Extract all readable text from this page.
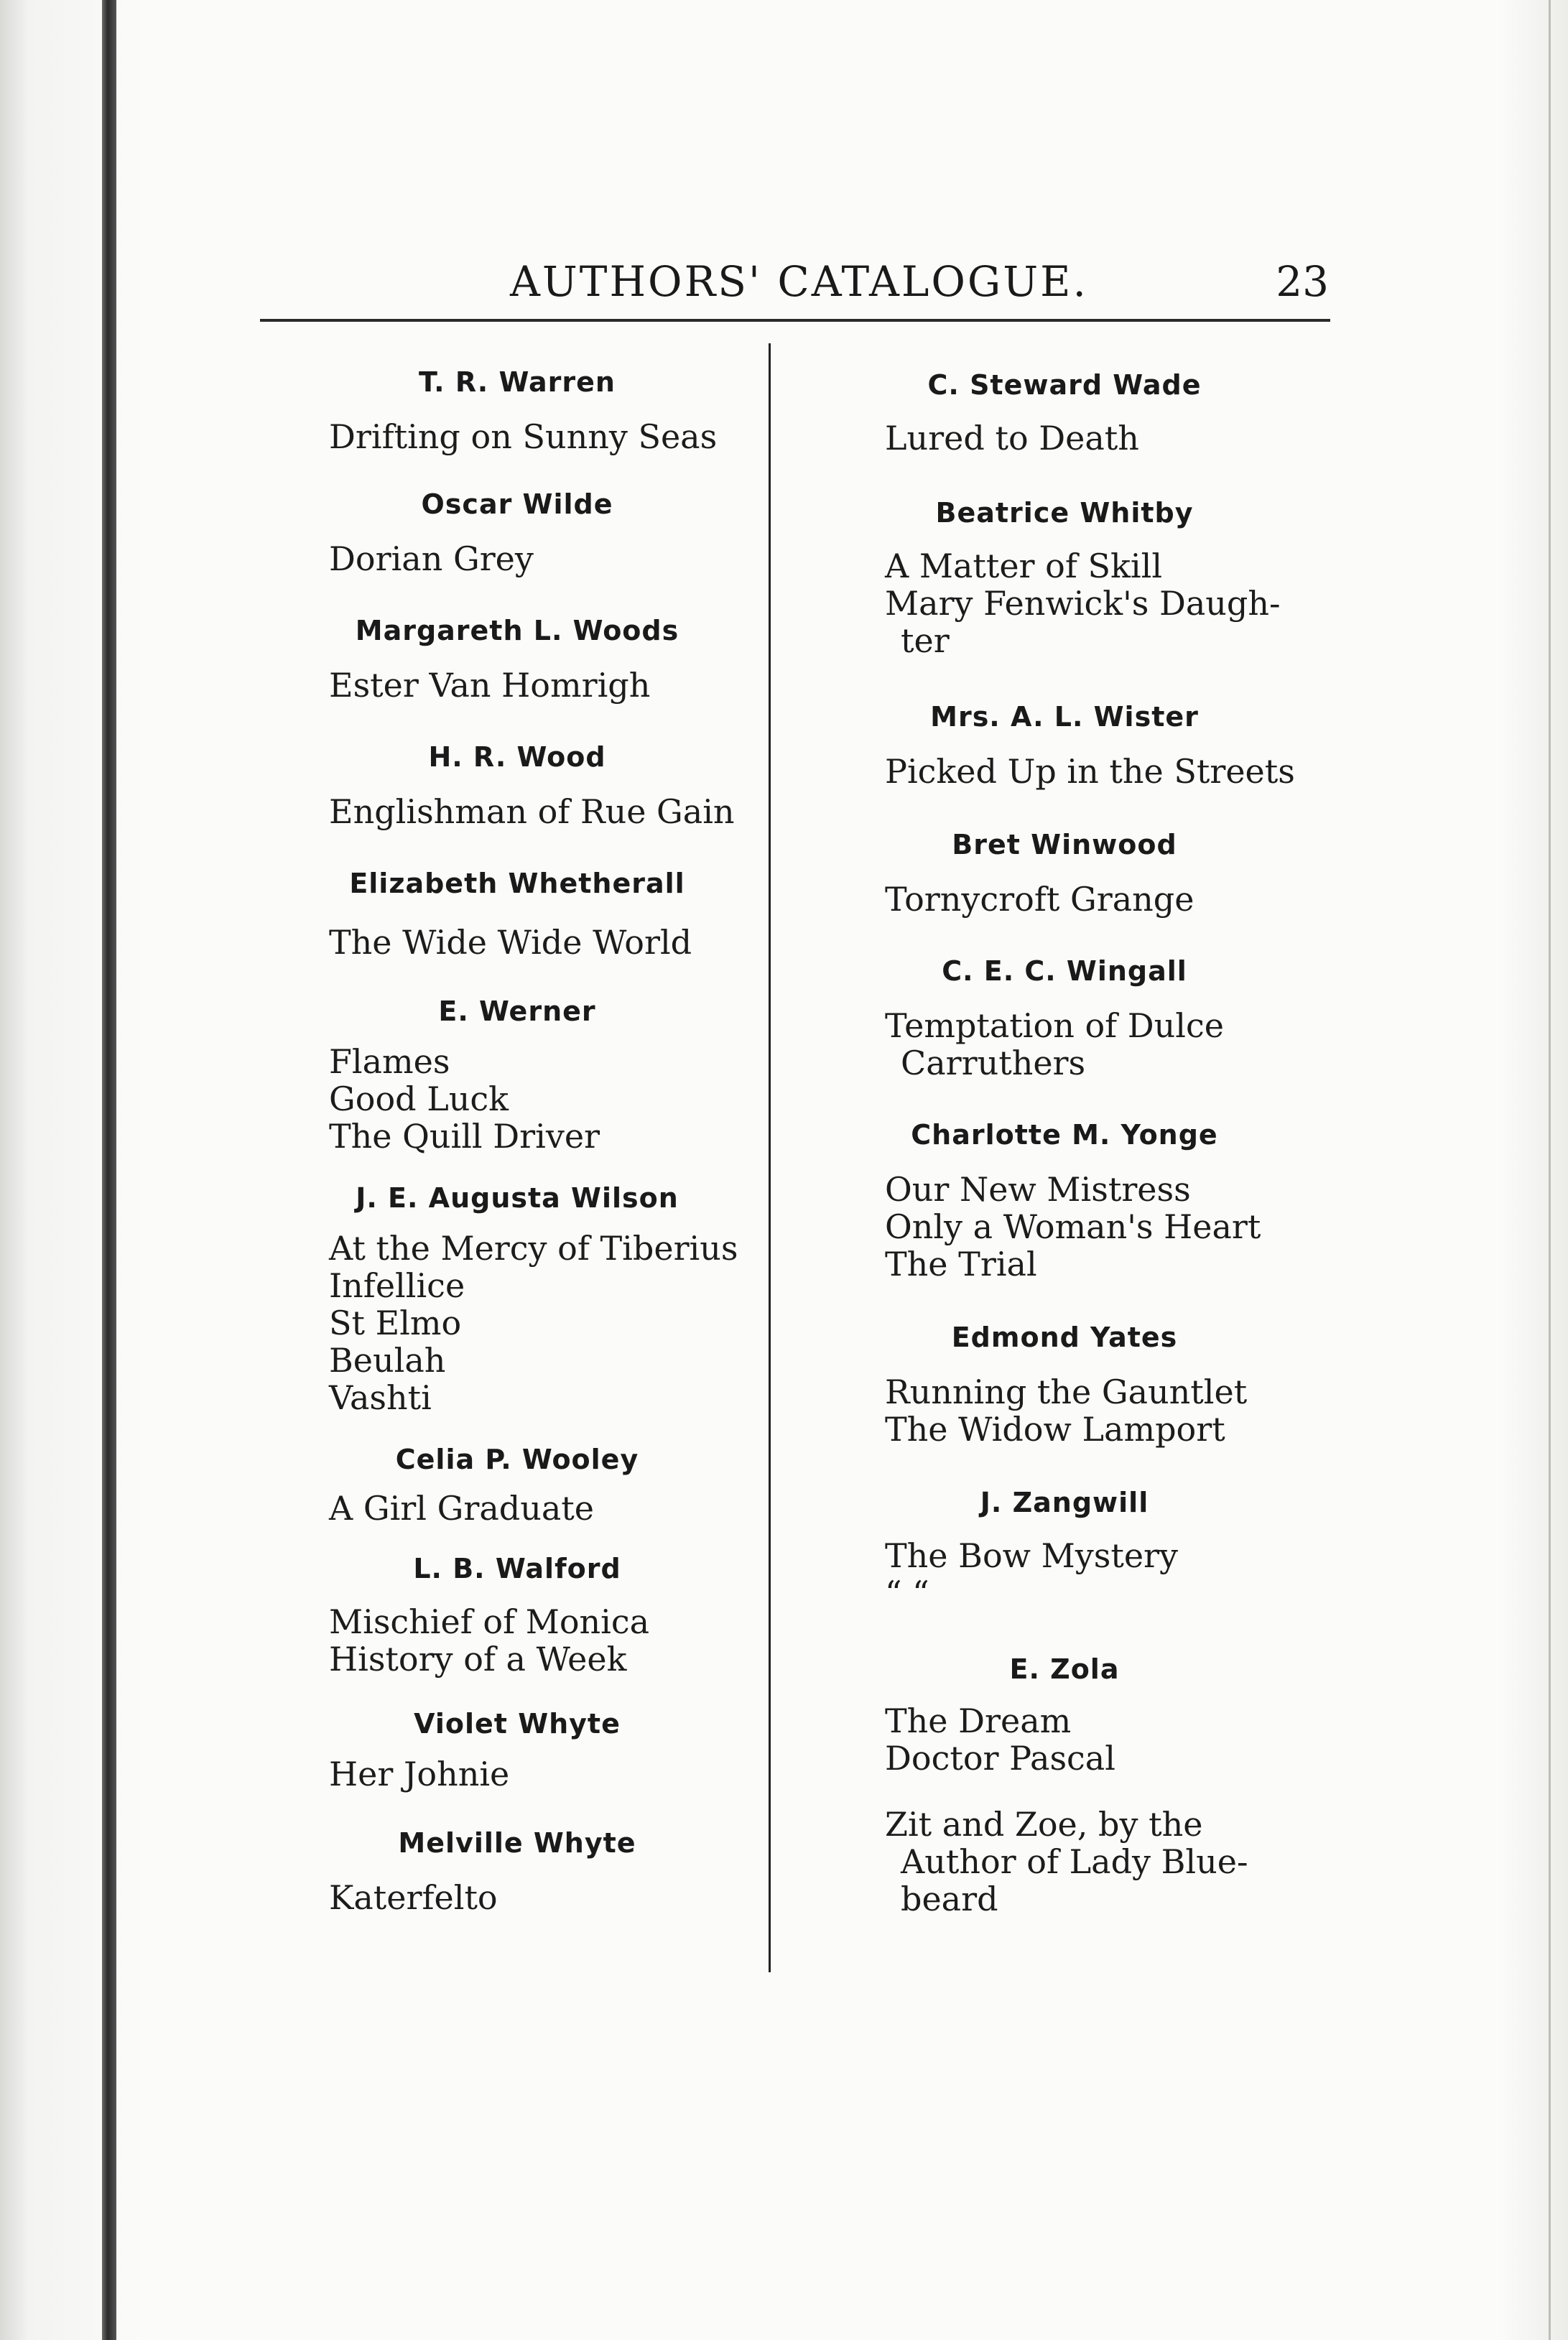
AUTHORS' CATALOGUE.	23
T. R. Warren
Drifting on Sunny Seas
Oscar Wilde
Dorian Grey
Margareth L. Woods
Ester Van Homrigh
H. R. Wood
Englishman of Rue Gain
Elizabeth Whetherall
The Wide Wide World
E. Werner
Flames
Good Luck
The Quill Driver
J. E. Augusta Wilson
At the Mercy of Tiberius
Infellice
St Elmo
Beulah
Vashti
Celia P. Wooley
A Girl Graduate
L. B. Walford
Mischief of Monica
History of a Week
Violet Whyte
Her Johnie
Melville Whyte
Katerfelto
C. Steward Wade
Lured to Death
Beatrice Whitby
A Matter of Skill
Mary Fenwick's Daugh-
ter
Mrs. A. L. Wister
Picked Up in the Streets
Bret Winwood
Tornycroft Grange
C. E. C. Wingall
Temptation of Dulce
Carruthers
Charlotte M. Yonge
Our New Mistress
Only a Woman's Heart
The Trial
Edmond Yates
Running the Gauntlet
The Widow Lamport
J. Zangwill
The Bow Mystery
“ “
E. Zola
The Dream
Doctor Pascal
Zit and Zoe, by the
Author of Lady Blue-
beard
